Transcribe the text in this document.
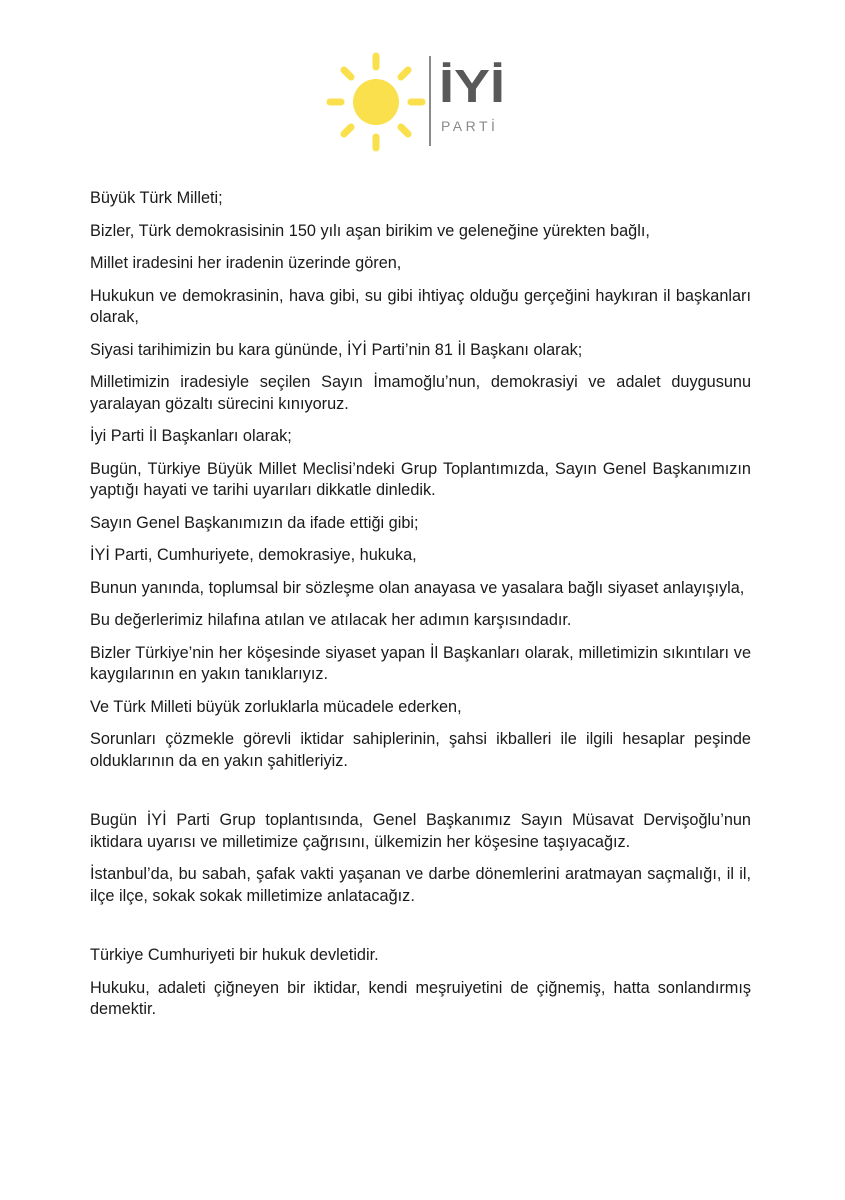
İYİ
PARTİ

Büyük Türk Milleti;

Bizler, Türk demokrasisinin 150 yılı aşan birikim ve geleneğine yürekten bağlı,

Millet iradesini her iradenin üzerinde gören,

Hukukun ve demokrasinin, hava gibi, su gibi ihtiyaç olduğu gerçeğini haykıran il başkanları olarak,

Siyasi tarihimizin bu kara gününde, İYİ Parti’nin 81 İl Başkanı olarak;

Milletimizin iradesiyle seçilen Sayın İmamoğlu’nun, demokrasiyi ve adalet duygusunu yaralayan gözaltı sürecini kınıyoruz.

İyi Parti İl Başkanları olarak;

Bugün, Türkiye Büyük Millet Meclisi’ndeki Grup Toplantımızda, Sayın Genel Başkanımızın yaptığı hayati ve tarihi uyarıları dikkatle dinledik.

Sayın Genel Başkanımızın da ifade ettiği gibi;

İYİ Parti, Cumhuriyete, demokrasiye, hukuka,

Bunun yanında, toplumsal bir sözleşme olan anayasa ve yasalara bağlı siyaset anlayışıyla,

Bu değerlerimiz hilafına atılan ve atılacak her adımın karşısındadır.

Bizler Türkiye’nin her köşesinde siyaset yapan İl Başkanları olarak, milletimizin sıkıntıları ve kaygılarının en yakın tanıklarıyız.

Ve Türk Milleti büyük zorluklarla mücadele ederken,

Sorunları çözmekle görevli iktidar sahiplerinin, şahsi ikballeri ile ilgili hesaplar peşinde olduklarının da en yakın şahitleriyiz.

Bugün İYİ Parti Grup toplantısında, Genel Başkanımız Sayın Müsavat Dervişoğlu’nun iktidara uyarısı ve milletimize çağrısını, ülkemizin her köşesine taşıyacağız.

İstanbul’da, bu sabah, şafak vakti yaşanan ve darbe dönemlerini aratmayan saçmalığı, il il, ilçe ilçe, sokak sokak milletimize anlatacağız.

Türkiye Cumhuriyeti bir hukuk devletidir.

Hukuku, adaleti çiğneyen bir iktidar, kendi meşruiyetini de çiğnemiş, hatta sonlandırmış demektir.
